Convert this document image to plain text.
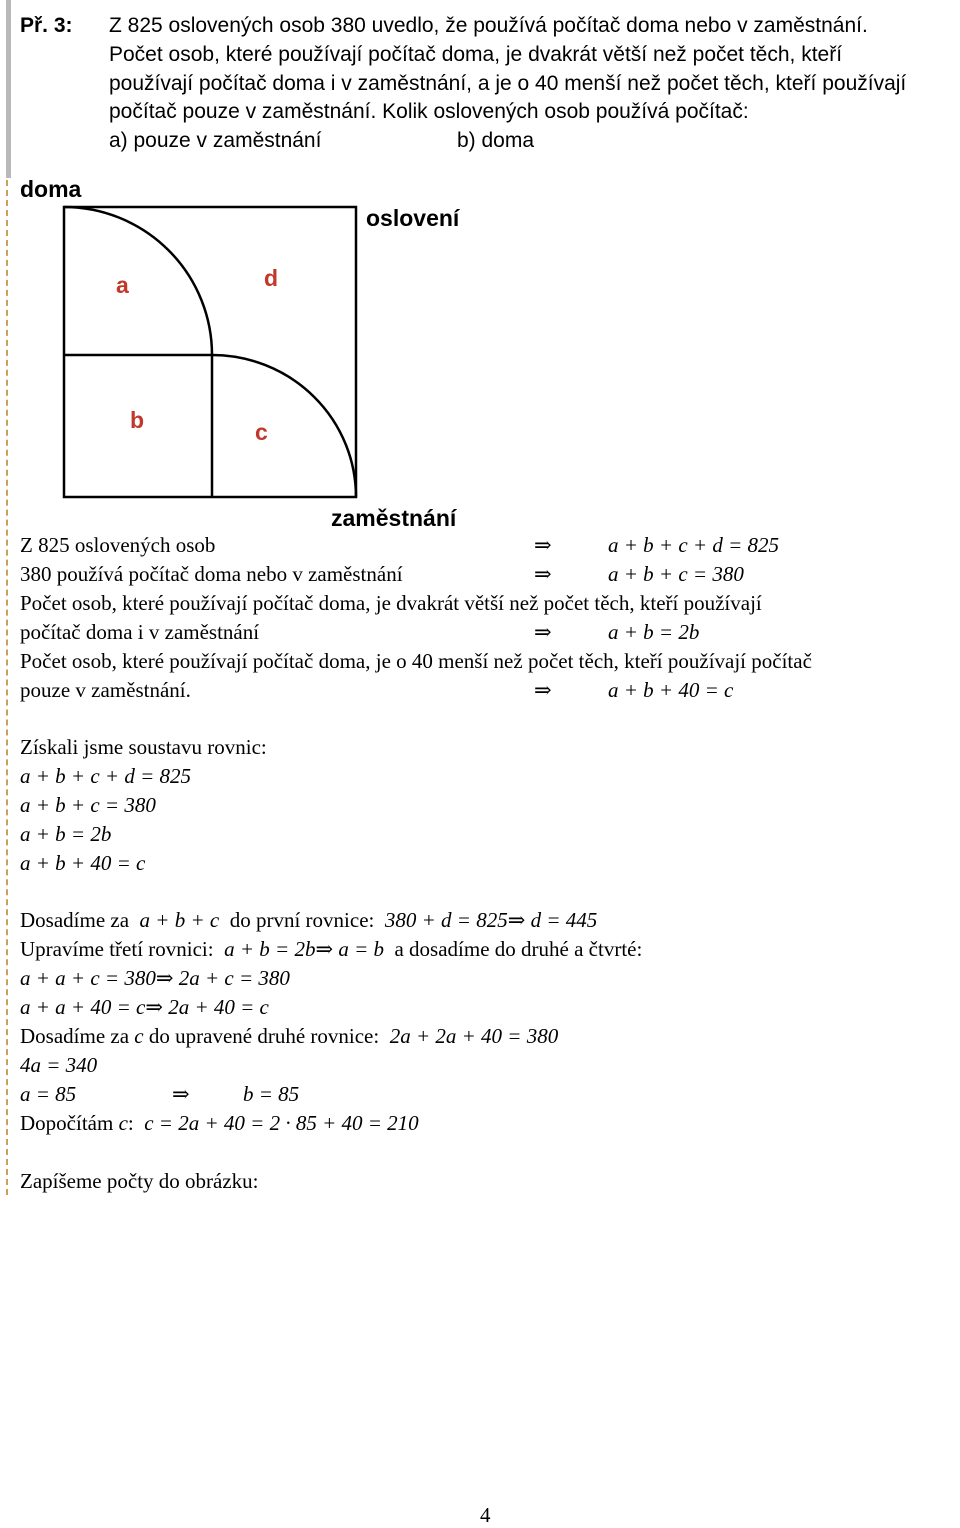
Př. 3: Z 825 oslovených osob 380 uvedlo, že používá počítač doma nebo v zaměstnání.
Počet osob, které používají počítač doma, je dvakrát větší než počet těch, kteří
používají počítač doma i v zaměstnání, a je o 40 menší než počet těch, kteří používají
počítač pouze v zaměstnání. Kolik oslovených osob používá počítač:
a) pouze v zaměstnání	b) doma
doma
oslovení
a	d
b	c
zaměstnání
Z 825 oslovených osob	⇒	a + b + c + d = 825
380 používá počítač doma nebo v zaměstnání	⇒	a + b + c = 380
Počet osob, které používají počítač doma, je dvakrát větší než počet těch, kteří používají
počítač doma i v zaměstnání	⇒	a + b = 2b
Počet osob, které používají počítač doma, je o 40 menší než počet těch, kteří používají počítač
pouze v zaměstnání.	⇒	a + b + 40 = c
Získali jsme soustavu rovnic:
a + b + c + d = 825
a + b + c = 380
a + b = 2b
a + b + 40 = c
Dosadíme za a + b + c do první rovnice: 380 + d = 825⇒ d = 445
Upravíme třetí rovnici: a + b = 2b⇒ a = b a dosadíme do druhé a čtvrté:
a + a + c = 380⇒ 2a + c = 380
a + a + 40 = c⇒ 2a + 40 = c
Dosadíme za c do upravené druhé rovnice: 2a + 2a + 40 = 380
4a = 340
a = 85	⇒	b = 85
Dopočítám c: c = 2a + 40 = 2 · 85 + 40 = 210
Zapíšeme počty do obrázku:
4
